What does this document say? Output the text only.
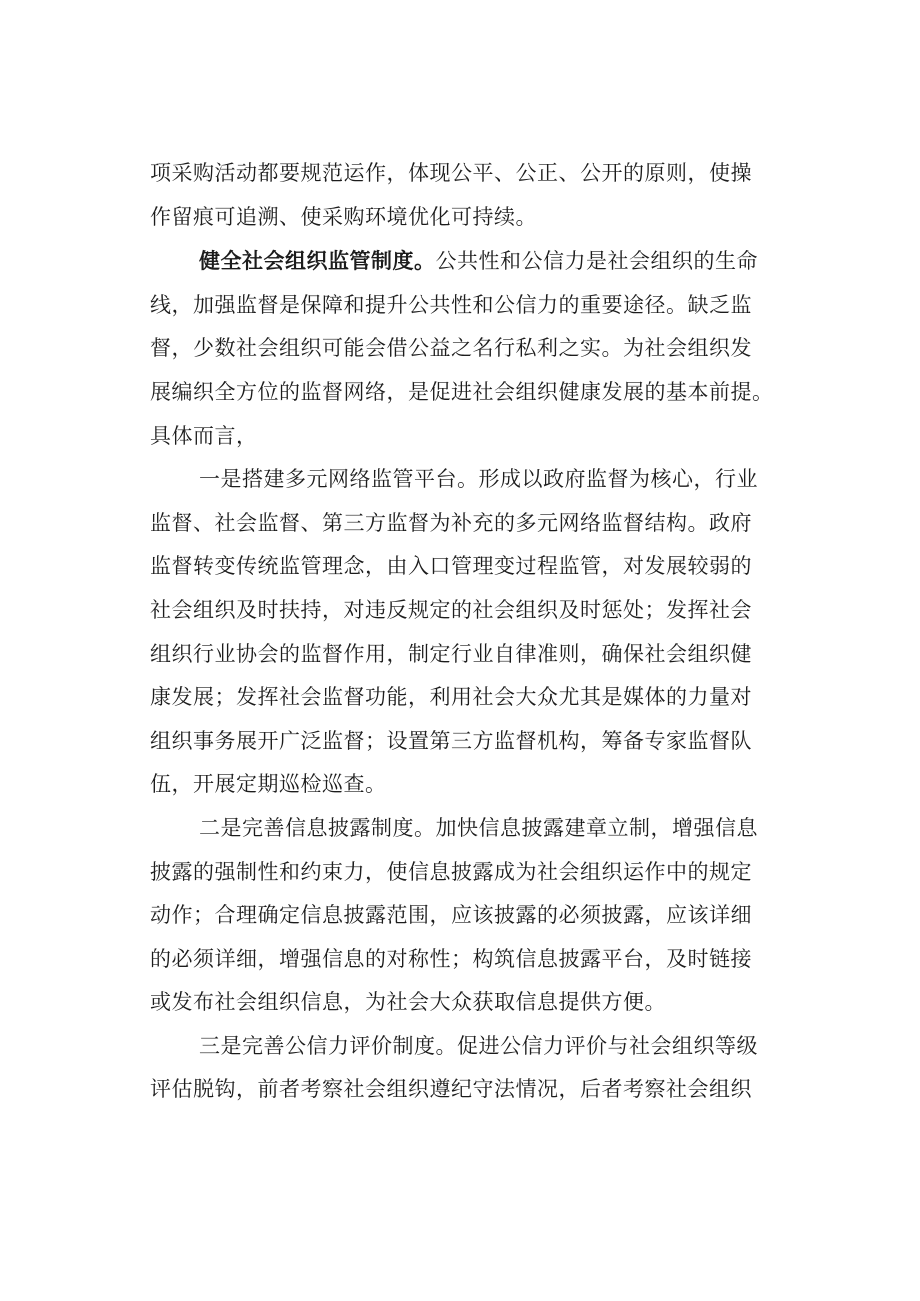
项采购活动都要规范运作，体现公平、公正、公开的原则，使操

作留痕可追溯、使采购环境优化可持续。

健全社会组织监管制度。公共性和公信力是社会组织的生命

线，加强监督是保障和提升公共性和公信力的重要途径。缺乏监

督，少数社会组织可能会借公益之名行私利之实。为社会组织发

展编织全方位的监督网络，是促进社会组织健康发展的基本前提。

具体而言，

一是搭建多元网络监管平台。形成以政府监督为核心，行业

监督、社会监督、第三方监督为补充的多元网络监督结构。政府

监督转变传统监管理念，由入口管理变过程监管，对发展较弱的

社会组织及时扶持，对违反规定的社会组织及时惩处；发挥社会

组织行业协会的监督作用，制定行业自律准则，确保社会组织健

康发展；发挥社会监督功能，利用社会大众尤其是媒体的力量对

组织事务展开广泛监督；设置第三方监督机构，筹备专家监督队

伍，开展定期巡检巡查。

二是完善信息披露制度。加快信息披露建章立制，增强信息

披露的强制性和约束力，使信息披露成为社会组织运作中的规定

动作；合理确定信息披露范围，应该披露的必须披露，应该详细

的必须详细，增强信息的对称性；构筑信息披露平台，及时链接

或发布社会组织信息，为社会大众获取信息提供方便。

三是完善公信力评价制度。促进公信力评价与社会组织等级

评估脱钩，前者考察社会组织遵纪守法情况，后者考察社会组织
